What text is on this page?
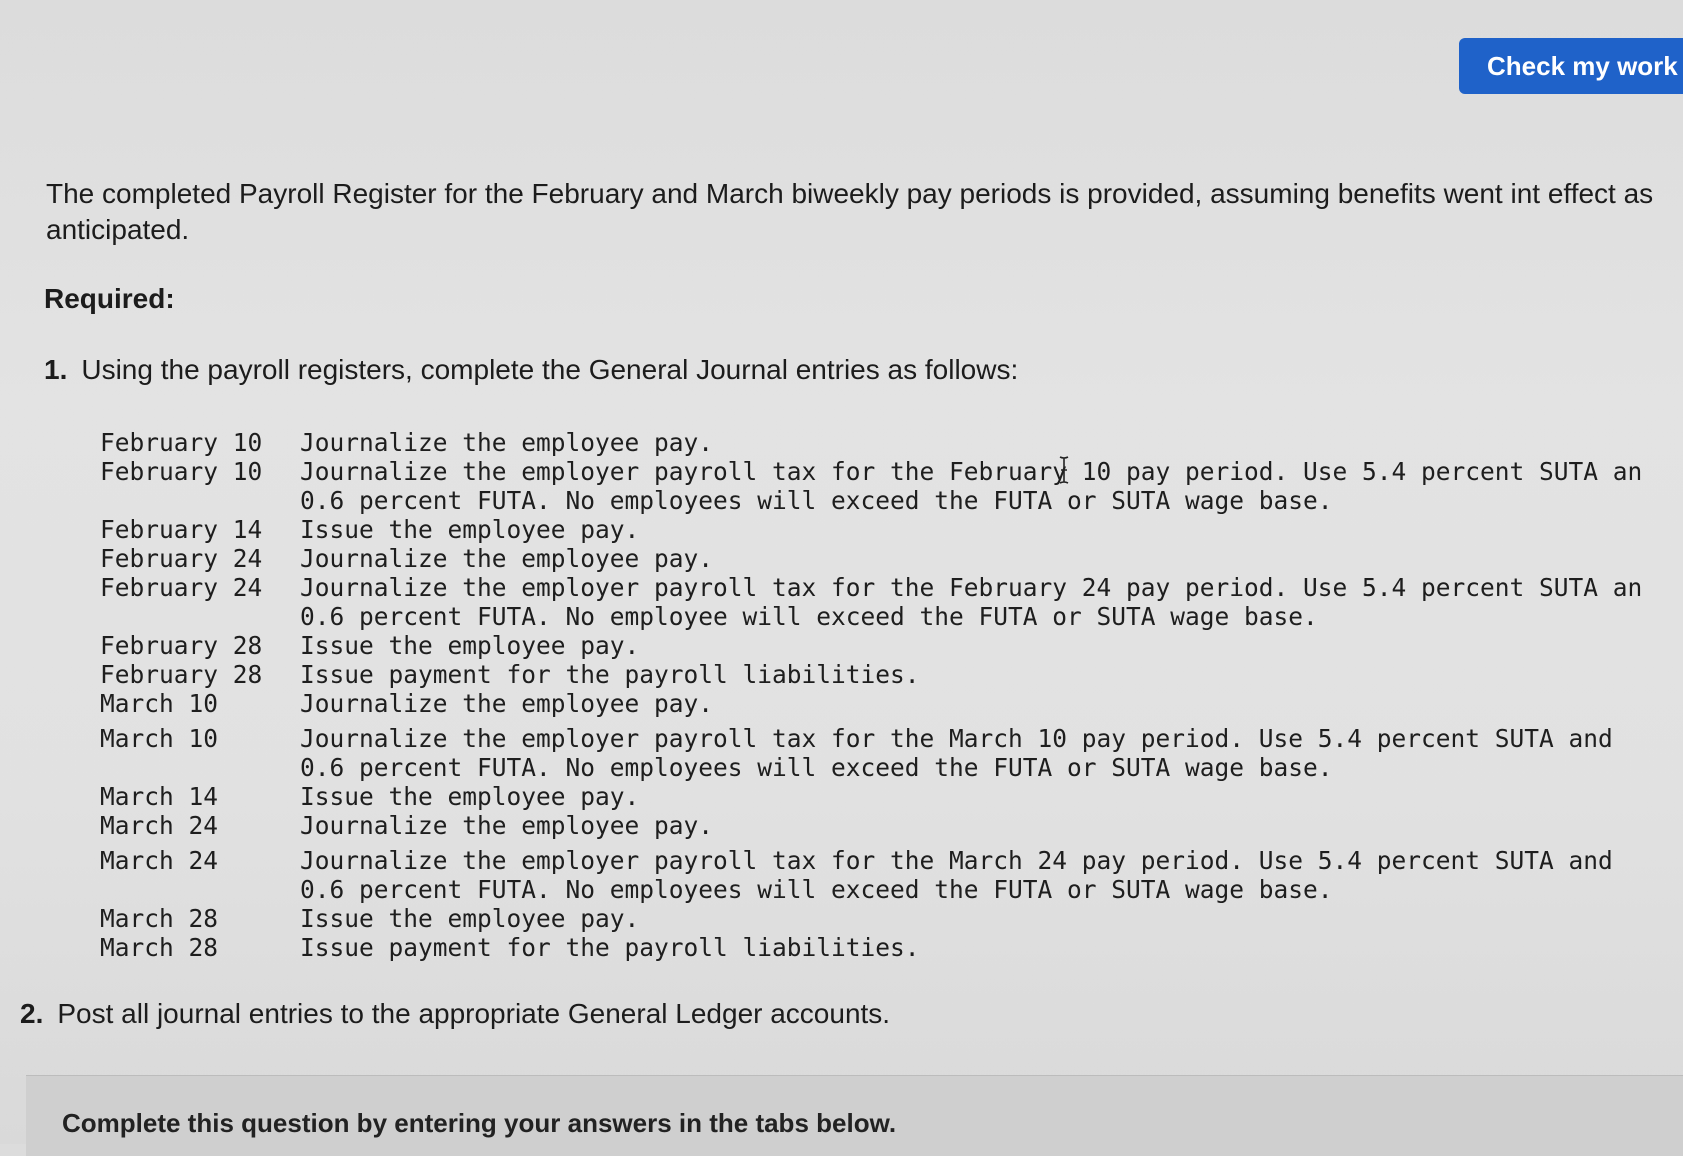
Check my work
The completed Payroll Register for the February and March biweekly pay periods is provided, assuming benefits went int effect as anticipated.
Required:
1. Using the payroll registers, complete the General Journal entries as follows:
February 10	Journalize the employee pay.
February 10	Journalize the employer payroll tax for the February 10 pay period. Use 5.4 percent SUTA an
0.6 percent FUTA. No employees will exceed the FUTA or SUTA wage base.
February 14	Issue the employee pay.
February 24	Journalize the employee pay.
February 24	Journalize the employer payroll tax for the February 24 pay period. Use 5.4 percent SUTA an
0.6 percent FUTA. No employee will exceed the FUTA or SUTA wage base.
February 28	Issue the employee pay.
February 28	Issue payment for the payroll liabilities.
March 10	Journalize the employee pay.
March 10	Journalize the employer payroll tax for the March 10 pay period. Use 5.4 percent SUTA and
0.6 percent FUTA. No employees will exceed the FUTA or SUTA wage base.
March 14	Issue the employee pay.
March 24	Journalize the employee pay.
March 24	Journalize the employer payroll tax for the March 24 pay period. Use 5.4 percent SUTA and
0.6 percent FUTA. No employees will exceed the FUTA or SUTA wage base.
March 28	Issue the employee pay.
March 28	Issue payment for the payroll liabilities.
2. Post all journal entries to the appropriate General Ledger accounts.
Complete this question by entering your answers in the tabs below.
